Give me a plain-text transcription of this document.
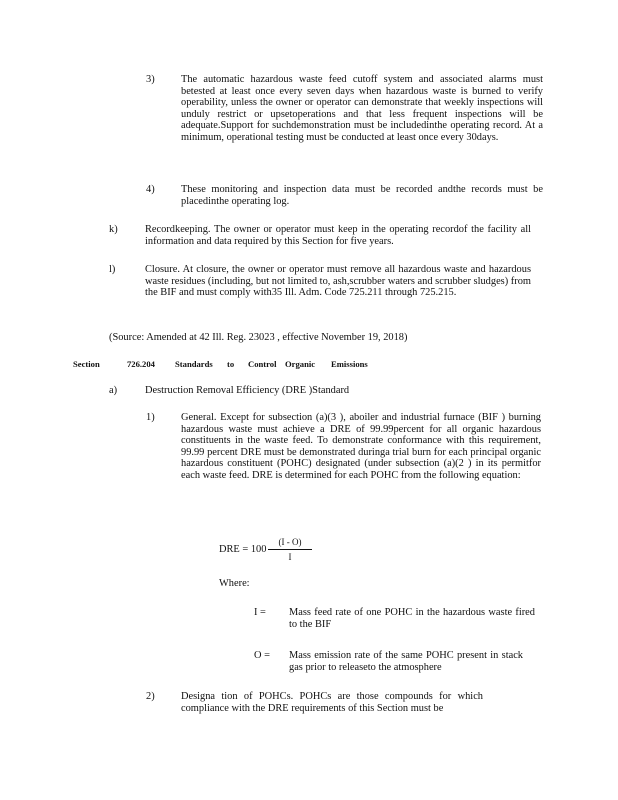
3)	The automatic hazardous waste feed cutoff system and associated alarms must betested at least once every seven days when hazardous waste is burned to verify operability, unless the owner or operator can demonstrate that weekly inspections will unduly restrict or upsetoperations and that less frequent inspections will be adequate.Support for suchdemonstration must be includedinthe operating record. At a minimum, operational testing must be conducted at least once every 30days.
4)	These monitoring and inspection data must be recorded andthe records must be placedinthe operating log.
k)	Recordkeeping. The owner or operator must keep in the operating recordof the facility all information and data required by this Section for five years.
l)	Closure. At closure, the owner or operator must remove all hazardous waste and hazardous waste residues (including, but not limited to, ash,scrubber waters and scrubber sludges) from the BIF and must comply with35 Ill. Adm. Code 725.211 through 725.215.
(Source: Amended at 42 Ill. Reg. 23023 , effective November 19, 2018)
Section	726.204 Standards to Control Organic Emissions
a)	Destruction Removal Efficiency (DRE )Standard
1)	General. Except for subsection (a)(3 ), aboiler and industrial furnace (BIF ) burning hazardous waste must achieve a DRE of 99.99percent for all organic hazardous constituents in the waste feed. To demonstrate conformance with this requirement, 99.99 percent DRE must be demonstrated duringa trial burn for each principal organic hazardous constituent (POHC) designated (under subsection (a)(2 ) in its permitfor each waste feed. DRE is determined for each POHC from the following equation:
DRE = 100
(I - O)
I
Where:
I = Mass feed rate of one POHC in the hazardous waste fired to the BIF
O = Mass emission rate of the same POHC present in stack gas prior to releaseto the atmosphere
2)	Designa tion of POHCs. POHCs are those compounds for which compliance with the DRE requirements of this Section must be
